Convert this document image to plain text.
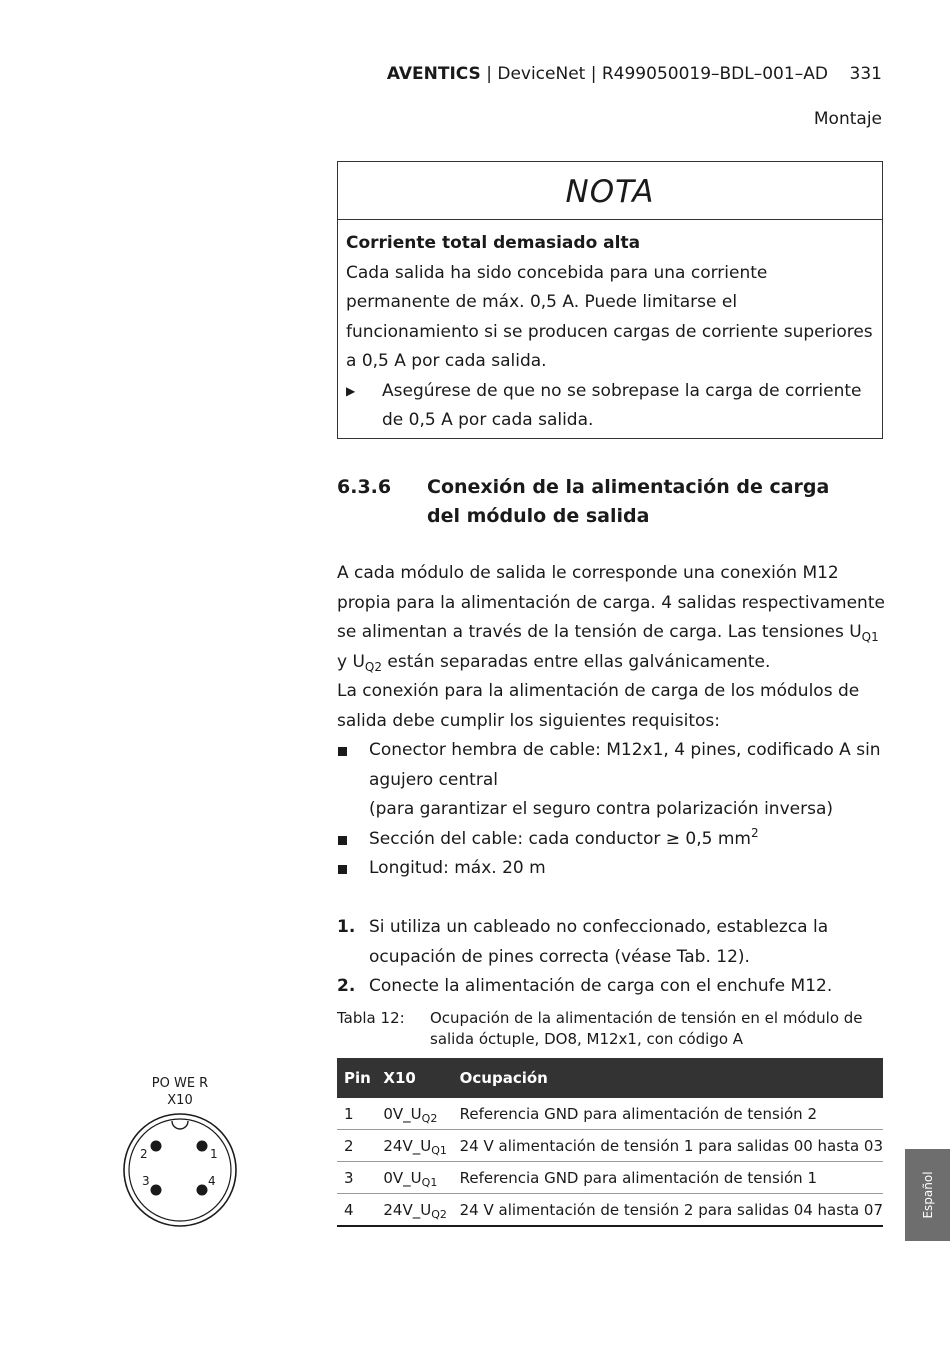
AVENTICS | DeviceNet | R499050019–BDL–001–AD 331
Montaje
NOTA
Corriente total demasiado alta
Cada salida ha sido concebida para una corriente permanente de máx. 0,5 A. Puede limitarse el funcionamiento si se producen cargas de corriente superiores a 0,5 A por cada salida.
▶ Asegúrese de que no se sobrepase la carga de corriente de 0,5 A por cada salida.
6.3.6 Conexión de la alimentación de carga del módulo de salida

A cada módulo de salida le corresponde una conexión M12 propia para la alimentación de carga. 4 salidas respectivamente se alimentan a través de la tensión de carga. Las tensiones $U_{Q1}$ y $U_{Q2}$ están separadas entre ellas galvánicamente.

La conexión para la alimentación de carga de los módulos de salida debe cumplir los siguientes requisitos:

Conector hembra de cable: M12x1, 4 pines, codificado A sin agujero central
(para garantizar el seguro contra polarización inversa)
Sección del cable: cada conductor ≥ 0,5 $mm^2$
Longitud: máx. 20 m
1. Si utiliza un cableado no confeccionado, establezca la ocupación de pines correcta (véase Tab. 12).
2. Conecte la alimentación de carga con el enchufe M12.
Tabla 12: Ocupación de la alimentación de tensión en el módulo de salida óctuple, DO8, M12x1, con código A
Pin	X10	Ocupación
1	$0V\_U_{Q2}$	Referencia GND para alimentación de tensión 2
2	$24V\_U_{Q1}$	24 V alimentación de tensión 1 para salidas 00 hasta 03
3	$0V\_U_{Q1}$	Referencia GND para alimentación de tensión 1
4	$24V\_U_{Q2}$	24 V alimentación de tensión 2 para salidas 04 hasta 07
PO WE R
X10
1
2
3	4	Español
